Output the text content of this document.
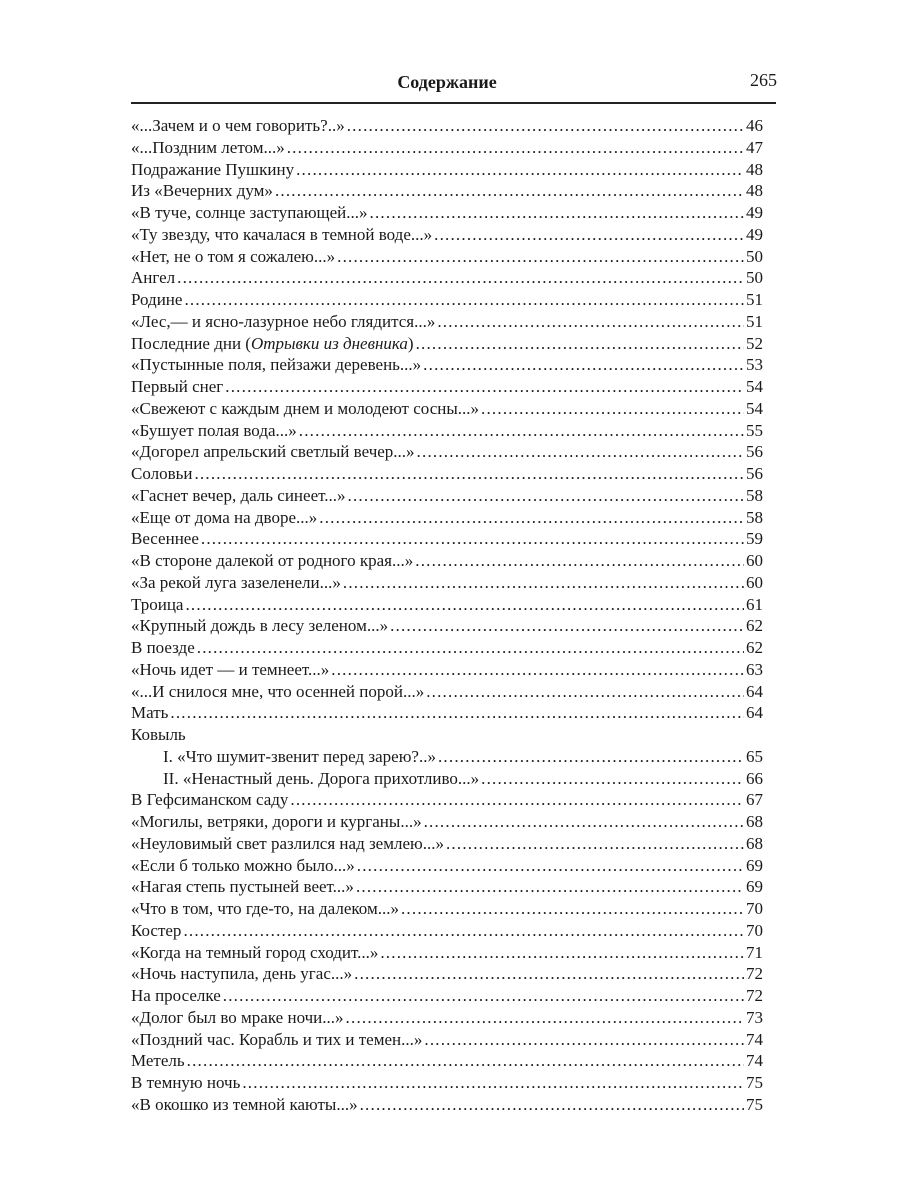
Содержание	265
«...Зачем и о чем говорить?..» .....	46
«...Поздним летом...» .....	47
Подражание Пушкину .....	48
Из «Вечерних дум» .....	48
«В туче, солнце заступающей...» .....	49
«Ту звезду, что качалася в темной воде...» .....	49
«Нет, не о том я сожалею...» .....	50
Ангел .....	50
Родине .....	51
«Лес,— и ясно-лазурное небо глядится...» .....	51
Последние дни (Отрывки из дневника) .....	52
«Пустынные поля, пейзажи деревень...» .....	53
Первый снег .....	54
«Свежеют с каждым днем и молодеют сосны...» .....	54
«Бушует полая вода...» .....	55
«Догорел апрельский светлый вечер...» .....	56
Соловьи .....	56
«Гаснет вечер, даль синеет...» .....	58
«Еще от дома на дворе...» .....	58
Весеннее .....	59
«В стороне далекой от родного края...» .....	60
«За рекой луга зазеленели...» .....	60
Троица .....	61
«Крупный дождь в лесу зеленом...» .....	62
В поезде .....	62
«Ночь идет — и темнеет...» .....	63
«...И снилося мне, что осенней порой...» .....	64
Мать .....	64
Ковыль
I. «Что шумит-звенит перед зарею?..» .....	65
II. «Ненастный день. Дорога прихотливо...» .....	66
В Гефсиманском саду .....	67
«Могилы, ветряки, дороги и курганы...» .....	68
«Неуловимый свет разлился над землею...» .....	68
«Если б только можно было...» .....	69
«Нагая степь пустыней веет...» .....	69
«Что в том, что где-то, на далеком...» .....	70
Костер .....	70
«Когда на темный город сходит...» .....	71
«Ночь наступила, день угас...» .....	72
На проселке .....	72
«Долог был во мраке ночи...» .....	73
«Поздний час. Корабль и тих и темен...» .....	74
Метель .....	74
В темную ночь .....	75
«В окошко из темной каюты...» .....	75
